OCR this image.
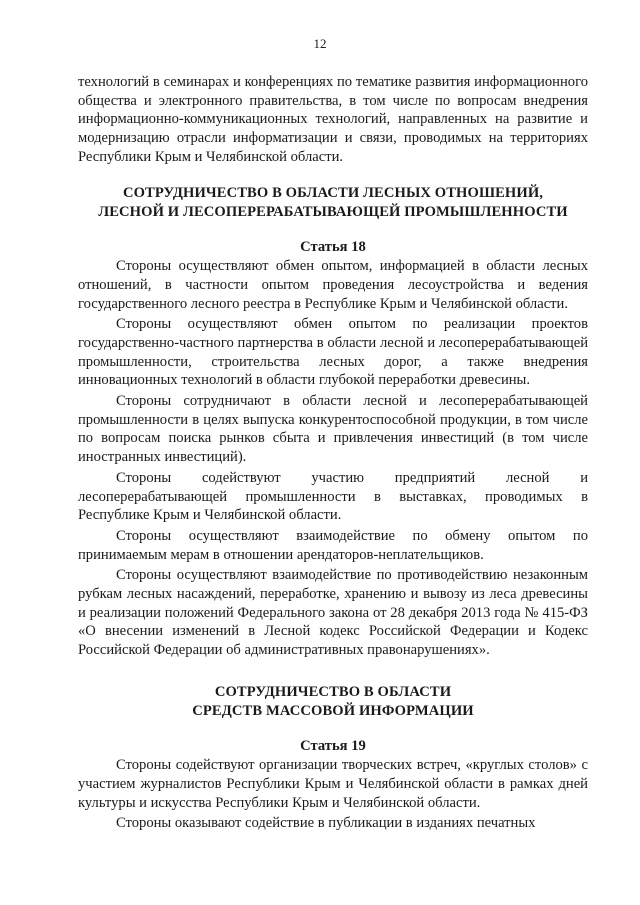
12

технологий в семинарах и конференциях по тематике развития информационного общества и электронного правительства, в том числе по вопросам внедрения информационно-коммуникационных технологий, направленных на развитие и модернизацию отрасли информатизации и связи, проводимых на территориях Республики Крым и Челябинской области.

СОТРУДНИЧЕСТВО В ОБЛАСТИ ЛЕСНЫХ ОТНОШЕНИЙ,
ЛЕСНОЙ И ЛЕСОПЕРЕРАБАТЫВАЮЩЕЙ ПРОМЫШЛЕННОСТИ
Статья 18

Стороны осуществляют обмен опытом, информацией в области лесных отношений, в частности опытом проведения лесоустройства и ведения государственного лесного реестра в Республике Крым и Челябинской области.

Стороны осуществляют обмен опытом по реализации проектов государственно-частного партнерства в области лесной и лесоперерабатывающей промышленности, строительства лесных дорог, а также внедрения инновационных технологий в области глубокой переработки древесины.

Стороны сотрудничают в области лесной и лесоперерабатывающей промышленности в целях выпуска конкурентоспособной продукции, в том числе по вопросам поиска рынков сбыта и привлечения инвестиций (в том числе иностранных инвестиций).

Стороны содействуют участию предприятий лесной и лесоперерабатывающей промышленности в выставках, проводимых в Республике Крым и Челябинской области.

Стороны осуществляют взаимодействие по обмену опытом по принимаемым мерам в отношении арендаторов-неплательщиков.

Стороны осуществляют взаимодействие по противодействию незаконным рубкам лесных насаждений, переработке, хранению и вывозу из леса древесины и реализации положений Федерального закона от 28 декабря 2013 года № 415-ФЗ «О внесении изменений в Лесной кодекс Российской Федерации и Кодекс Российской Федерации об административных правонарушениях».

СОТРУДНИЧЕСТВО В ОБЛАСТИ
СРЕДСТВ МАССОВОЙ ИНФОРМАЦИИ
Статья 19

Стороны содействуют организации творческих встреч, «круглых столов» с участием журналистов Республики Крым и Челябинской области в рамках дней культуры и искусства Республики Крым и Челябинской области.

Стороны оказывают содействие в публикации в изданиях печатных
